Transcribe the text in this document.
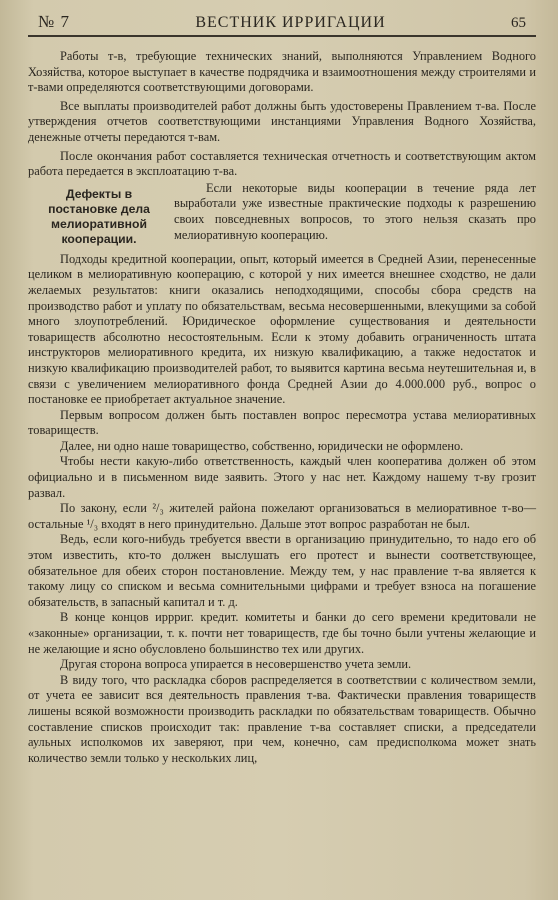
№ 7	ВЕСТНИК ИРРИГАЦИИ	65

Работы т-в, требующие технических знаний, выполняются Управлением Водного Хозяйства, которое выступает в качестве подрядчика и взаимоотношения между строителями и т-вами определяются соответствующими договорами.

Все выплаты производителей работ должны быть удостоверены Правлением т-ва. После утверждения отчетов соответствующими инстанциями Управления Водного Хозяйства, денежные отчеты передаются т-вам.

После окончания работ составляется техническая отчетность и соответствующим актом работа передается в эксплоатацию т-ва.

Дефекты в постановке дела мелиоративной кооперации.

Если некоторые виды кооперации в течение ряда лет выработали уже известные практические подходы к разрешению своих повседневных вопросов, то этого нельзя сказать про мелиоративную кооперацию.

Подходы кредитной кооперации, опыт, который имеется в Средней Азии, перенесенные целиком в мелиоративную кооперацию, с которой у них имеется внешнее сходство, не дали желаемых результатов: книги оказались неподходящими, способы сбора средств на производство работ и уплату по обязательствам, весьма несовершенными, влекущими за собой много злоупотреблений. Юридическое оформление существования и деятельности товариществ абсолютно несостоятельным. Если к этому добавить ограниченность штата инструкторов мелиоративного кредита, их низкую квалификацию, а также недостаток и низкую квалификацию производителей работ, то выявится картина весьма неутешительная и, в связи с увеличением мелиоративного фонда Средней Азии до 4.000.000 руб., вопрос о постановке ее приобретает актуальное значение.

Первым вопросом должен быть поставлен вопрос пересмотра устава мелиоративных товариществ.

Далее, ни одно наше товарищество, собственно, юридически не оформлено.

Чтобы нести какую-либо ответственность, каждый член кооператива должен об этом официально и в письменном виде заявить. Этого у нас нет. Каждому нашему т-ву грозит развал.

По закону, если ²/₃ жителей района пожелают организоваться в мелиоративное т-во—остальные ¹/₃ входят в него принудительно. Дальше этот вопрос разработан не был.

Ведь, если кого-нибудь требуется ввести в организацию принудительно, то надо его об этом известить, кто-то должен выслушать его протест и вынести соответствующее, обязательное для обеих сторон постановление. Между тем, у нас правление т-ва является к такому лицу со списком и весьма сомнительными цифрами и требует взноса на погашение обязательств, в запасный капитал и т. д.

В конце концов иррриг. кредит. комитеты и банки до сего времени кредитовали не «законные» организации, т. к. почти нет товариществ, где бы точно были учтены желающие и не желающие и ясно обусловлено большинство тех или других.

Другая сторона вопроса упирается в несовершенство учета земли.

В виду того, что раскладка сборов распределяется в соответствии с количеством земли, от учета ее зависит вся деятельность правления т-ва. Фактически правления товариществ лишены всякой возможности производить раскладки по обязательствам товариществ. Обычно составление списков происходит так: правление т-ва составляет списки, а председатели аульных исполкомов их заверяют, при чем, конечно, сам предисполкома может знать количество земли только у нескольких лиц,
